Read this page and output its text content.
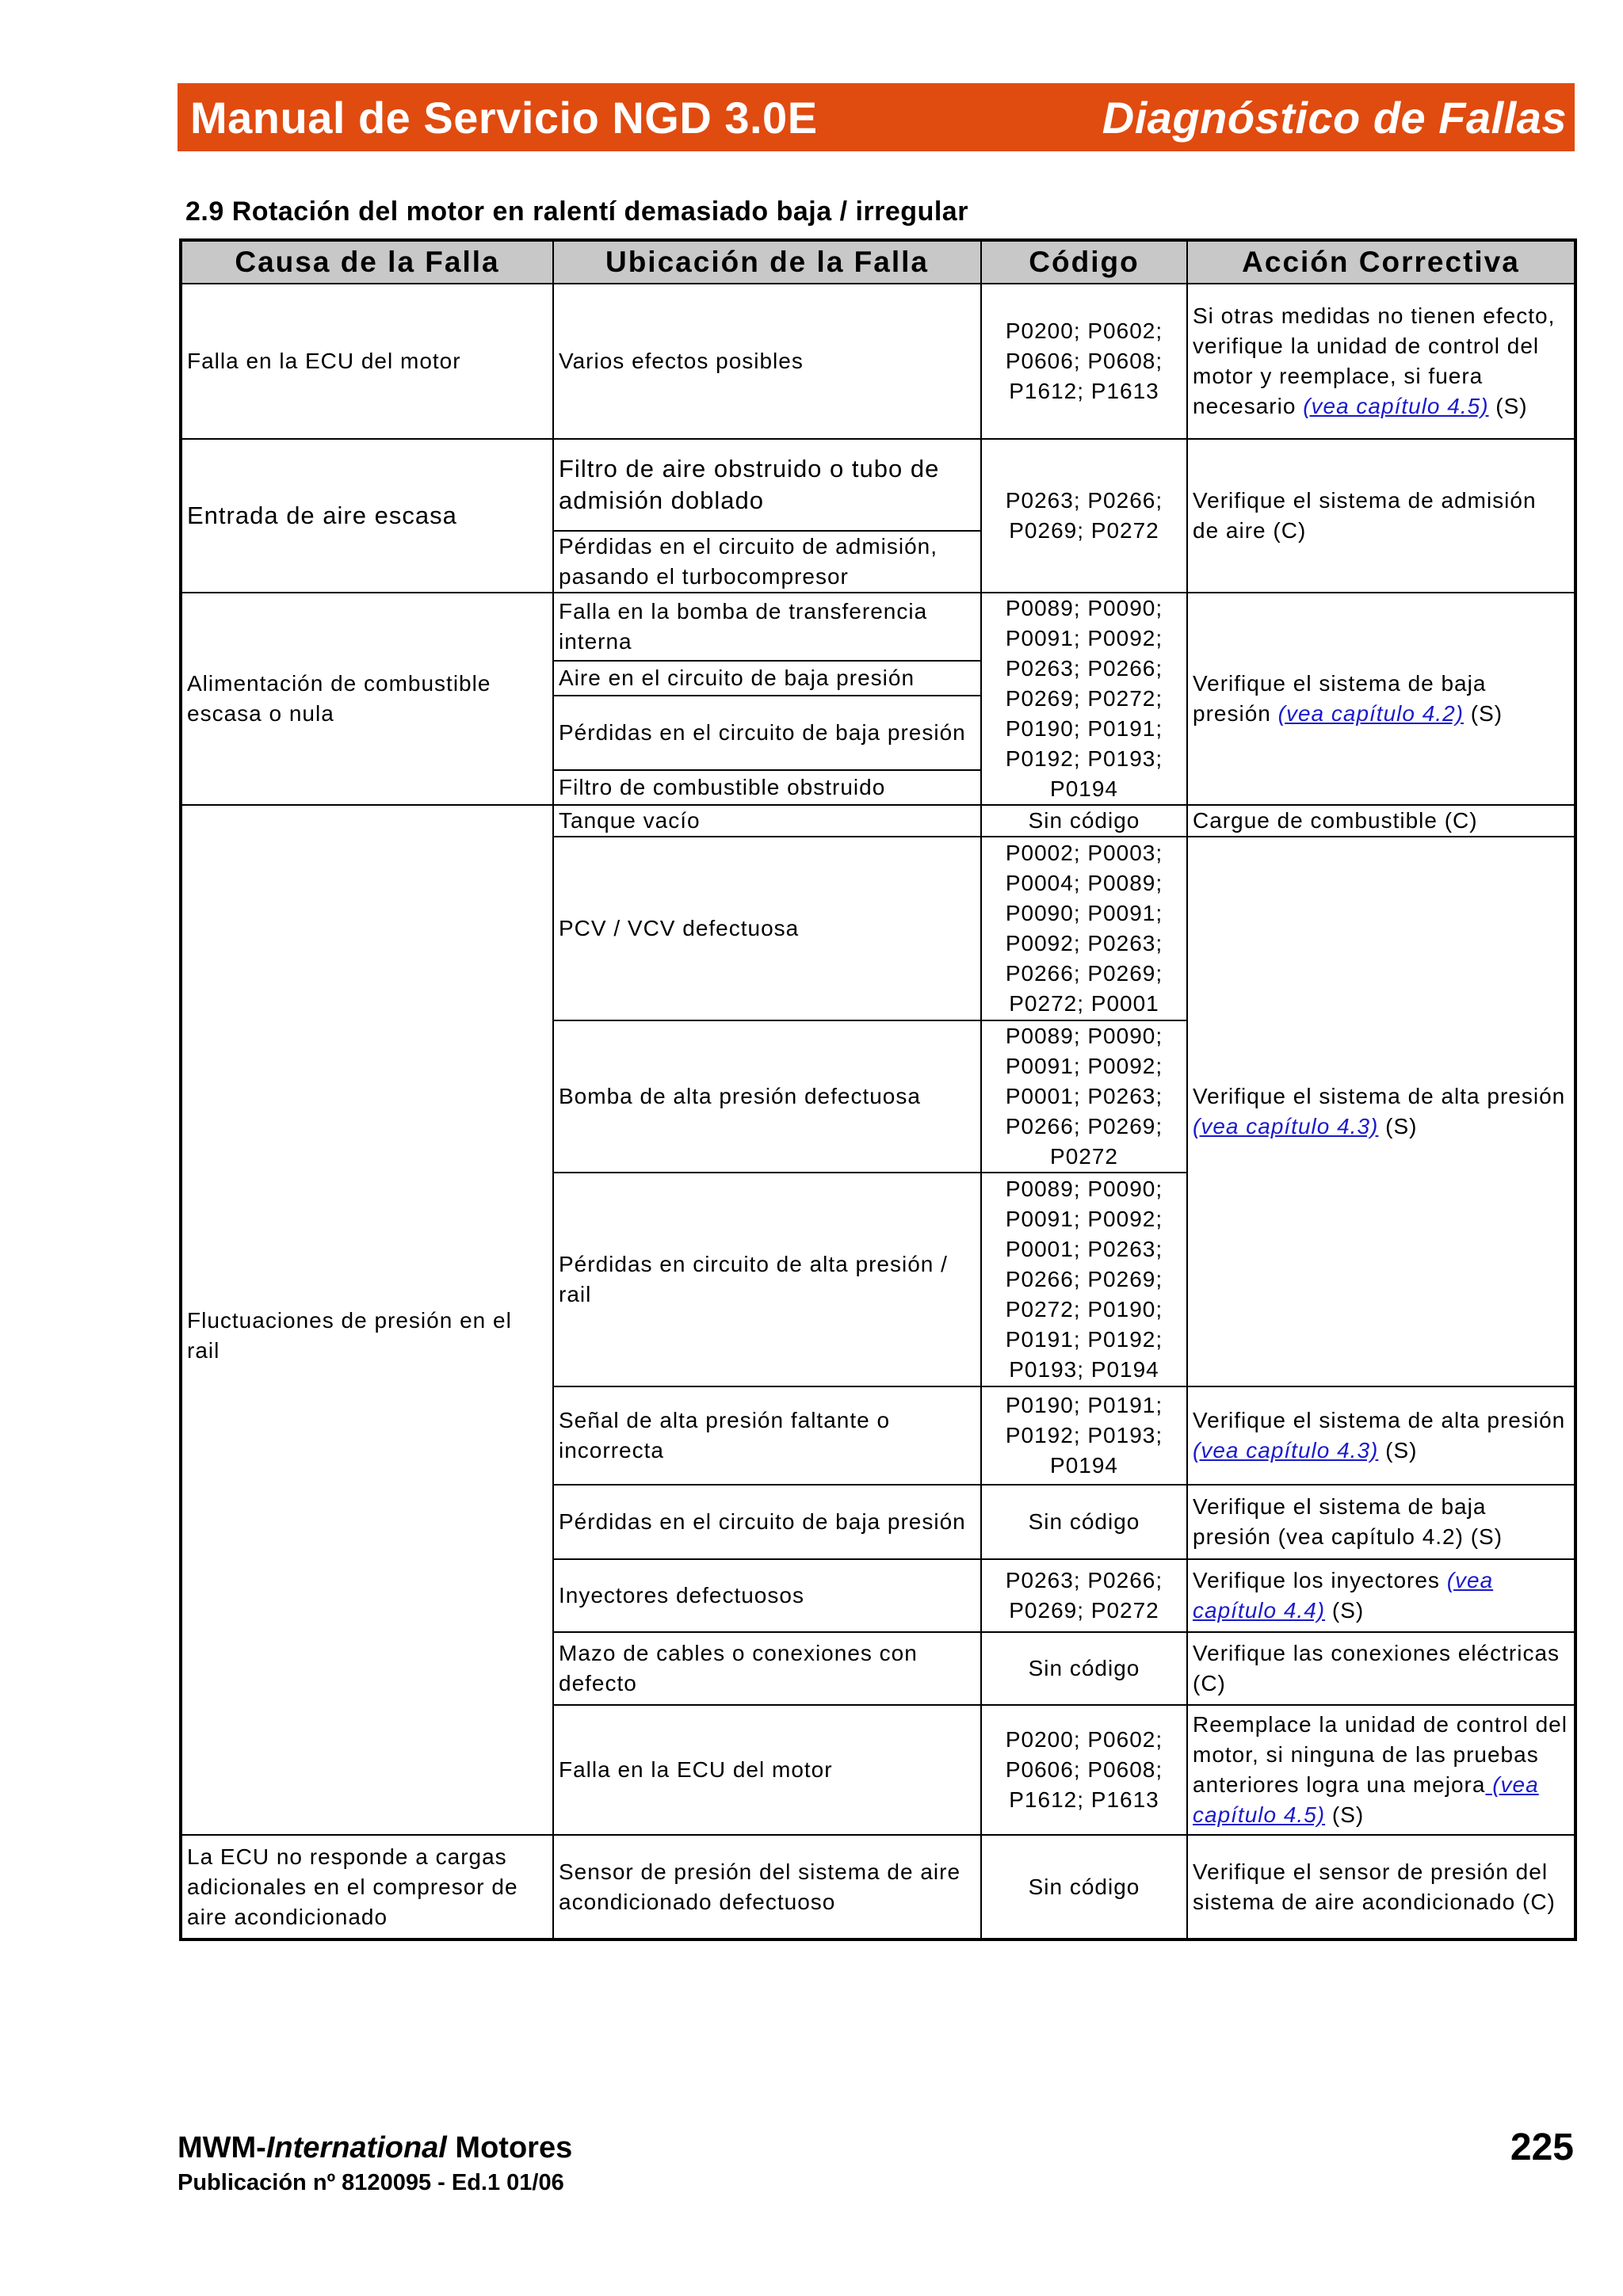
Manual de Servicio NGD 3.0E	Diagnóstico de Fallas
2.9 Rotación del motor en ralentí demasiado baja / irregular
Causa de la Falla	Ubicación de la Falla	Código	Acción Correctiva
Falla en la ECU del motor	Varios efectos posibles	P0200; P0602; P0606; P0608; P1612; P1613	Si otras medidas no tienen efecto, verifique la unidad de control del motor y reemplace, si fuera necesario (vea capítulo 4.5) (S)
Entrada de aire escasa	Filtro de aire obstruido o tubo de admisión doblado	P0263; P0266; P0269; P0272	Verifique el sistema de admisión de aire (C)
	Pérdidas en el circuito de admisión, pasando el turbocompresor		
Alimentación de combustible escasa o nula	Falla en la bomba de transferencia interna	P0089; P0090; P0091; P0092; P0263; P0266; P0269; P0272; P0190; P0191; P0192; P0193; P0194	Verifique el sistema de baja presión (vea capítulo 4.2) (S)
	Aire en el circuito de baja presión		
	Pérdidas en el circuito de baja presión		
	Filtro de combustible obstruido		
	Tanque vacío	Sin código	Cargue de combustible (C)
Fluctuaciones de presión en el rail	PCV / VCV defectuosa	P0002; P0003; P0004; P0089; P0090; P0091; P0092; P0263; P0266; P0269; P0272; P0001	Verifique el sistema de alta presión (vea capítulo 4.3) (S)
	Bomba de alta presión defectuosa	P0089; P0090; P0091; P0092; P0001; P0263; P0266; P0269; P0272	
	Pérdidas en circuito de alta presión / rail	P0089; P0090; P0091; P0092; P0001; P0263; P0266; P0269; P0272; P0190; P0191; P0192; P0193; P0194	
	Señal de alta presión faltante o incorrecta	P0190; P0191; P0192; P0193; P0194	Verifique el sistema de alta presión (vea capítulo 4.3) (S)
	Pérdidas en el circuito de baja presión	Sin código	Verifique el sistema de baja presión (vea capítulo 4.2) (S)
	Inyectores defectuosos	P0263; P0266; P0269; P0272	Verifique los inyectores (vea capítulo 4.4) (S)
	Mazo de cables o conexiones con defecto	Sin código	Verifique las conexiones eléctricas (C)
	Falla en la ECU del motor	P0200; P0602; P0606; P0608; P1612; P1613	Reemplace la unidad de control del motor, si ninguna de las pruebas anteriores logra una mejora (vea capítulo 4.5) (S)
La ECU no responde a cargas adicionales en el compresor de aire acondicionado	Sensor de presión del sistema de aire acondicionado defectuoso	Sin código	Verifique el sensor de presión del sistema de aire acondicionado (C)
MWM-International Motores
Publicación nº 8120095 - Ed.1 01/06
225
